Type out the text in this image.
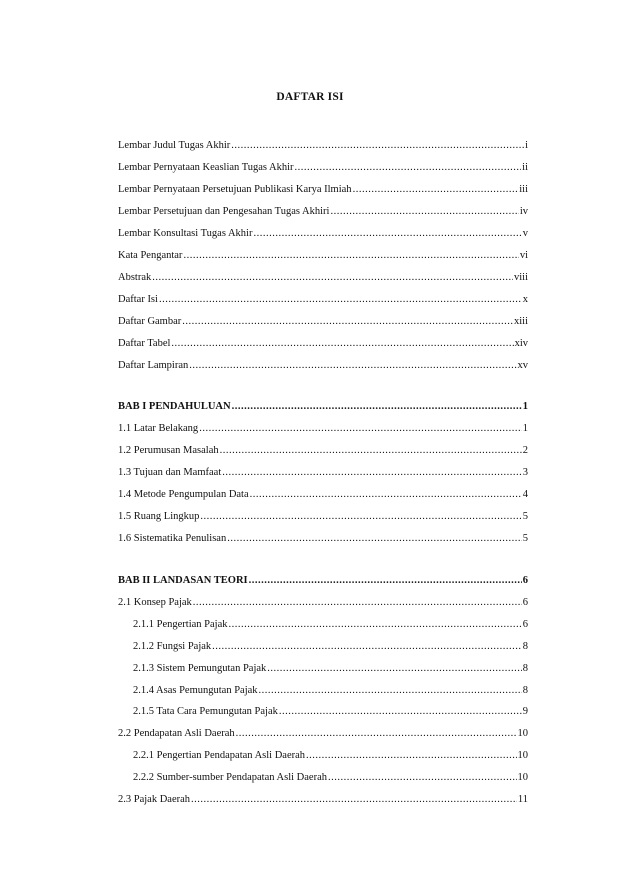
DAFTAR ISI
Lembar Judul Tugas Akhir .....	i
Lembar Pernyataan Keaslian Tugas Akhir .....	ii
Lembar Pernyataan Persetujuan Publikasi Karya Ilmiah .....	iii
Lembar Persetujuan dan Pengesahan Tugas Akhiri .....	iv
Lembar Konsultasi Tugas Akhir .....	v
Kata Pengantar .....	vi
Abstrak .....	viii
Daftar Isi .....	x
Daftar Gambar .....	xiii
Daftar Tabel .....	xiv
Daftar Lampiran .....	xv
BAB I PENDAHULUAN .....	1
1.1 Latar Belakang .....	1
1.2 Perumusan Masalah .....	2
1.3 Tujuan dan Mamfaat .....	3
1.4 Metode Pengumpulan Data .....	4
1.5 Ruang Lingkup .....	5
1.6 Sistematika Penulisan .....	5
BAB II LANDASAN TEORI .....	6
2.1 Konsep Pajak .....	6
2.1.1 Pengertian Pajak .....	6
2.1.2 Fungsi Pajak .....	8
2.1.3 Sistem Pemungutan Pajak .....	8
2.1.4 Asas Pemungutan Pajak .....	8
2.1.5 Tata Cara Pemungutan Pajak .....	9
2.2 Pendapatan Asli Daerah .....	10
2.2.1 Pengertian Pendapatan Asli Daerah .....	10
2.2.2 Sumber-sumber Pendapatan Asli Daerah .....	10
2.3 Pajak Daerah .....	11
